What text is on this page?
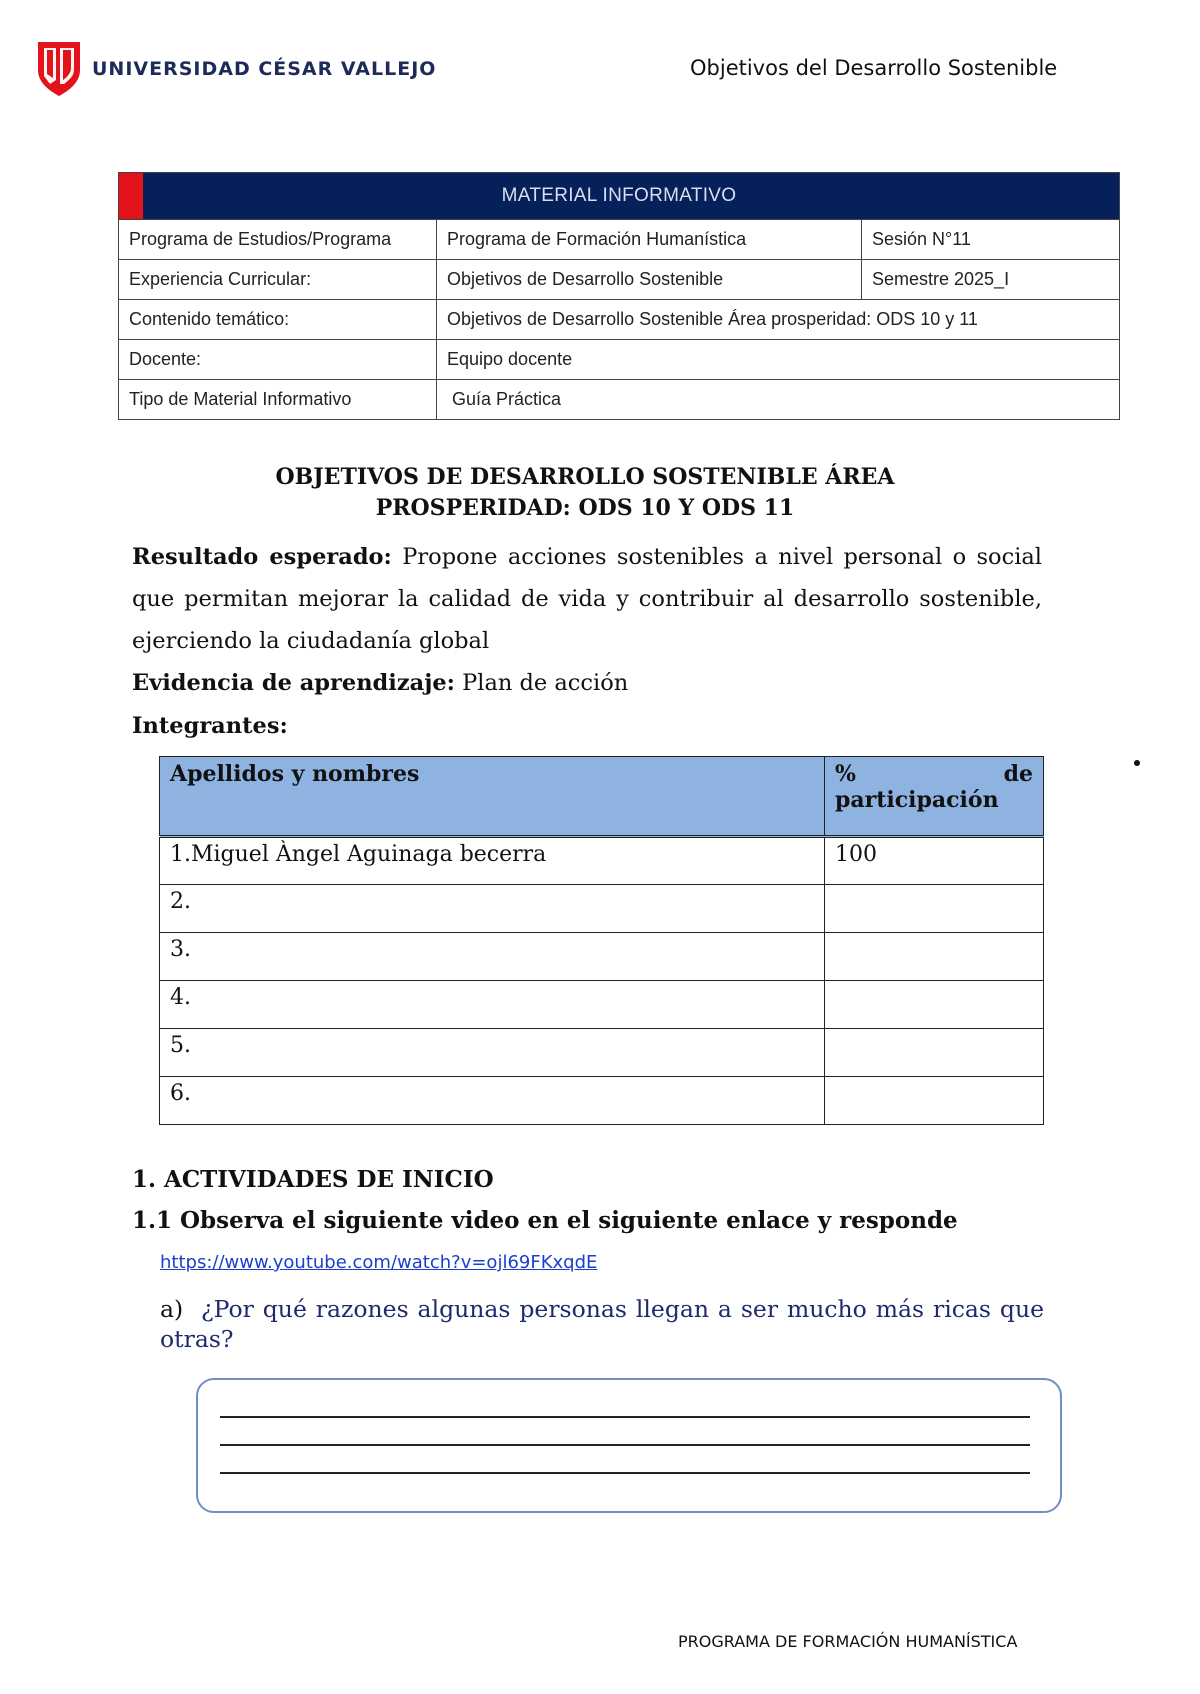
UNIVERSIDAD CÉSAR VALLEJO	Objetivos del Desarrollo Sostenible
MATERIAL INFORMATIVO		
Programa de Estudios/Programa	Programa de Formación Humanística	Sesión N°11
Experiencia Curricular:	Objetivos de Desarrollo Sostenible	Semestre 2025_I
Contenido temático:	Objetivos de Desarrollo Sostenible Área prosperidad: ODS 10 y 11	
Docente:	Equipo docente	
Tipo de Material Informativo	Guía Práctica	
OBJETIVOS DE DESARROLLO SOSTENIBLE ÁREA
PROSPERIDAD: ODS 10 Y ODS 11
Resultado esperado: Propone acciones sostenibles a nivel personal o social que permitan mejorar la calidad de vida y contribuir al desarrollo sostenible, ejerciendo la ciudadanía global
Evidencia de aprendizaje: Plan de acción
Integrantes:
Apellidos y nombres	% de
participación

1.Miguel Àngel Aguinaga becerra	100
2.	
3.	
4.	
5.	
6.	
1. ACTIVIDADES DE INICIO
1.1 Observa el siguiente video en el siguiente enlace y responde
https://www.youtube.com/watch?v=ojl69FKxqdE
a) ¿Por qué razones algunas personas llegan a ser mucho más ricas que otras?
PROGRAMA DE FORMACIÓN HUMANÍSTICA
